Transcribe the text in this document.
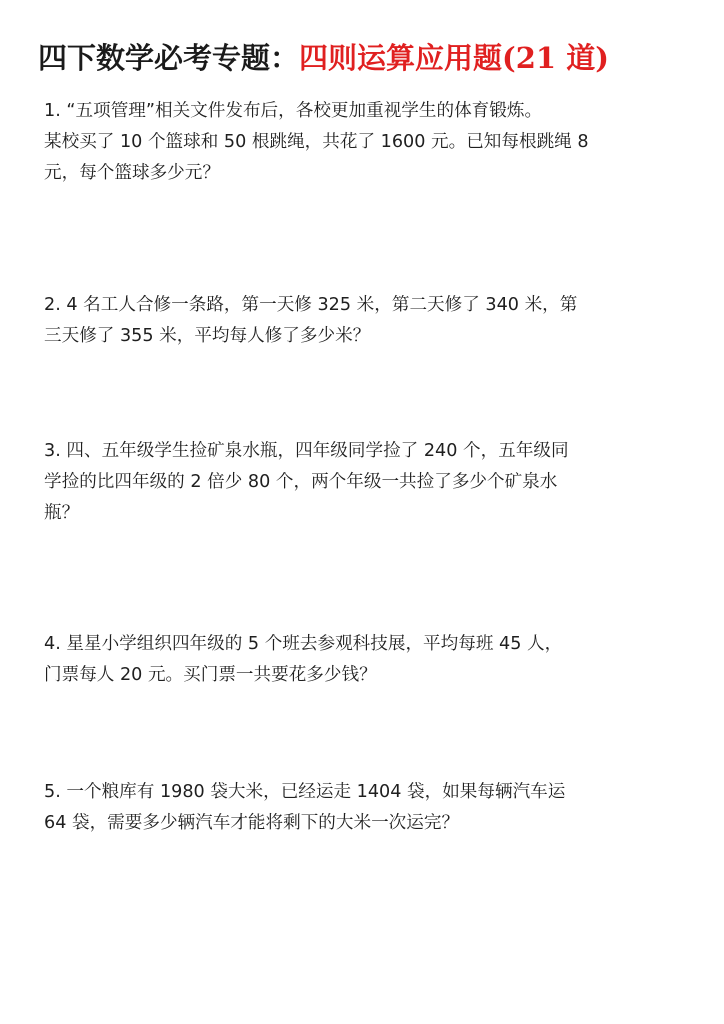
四下数学必考专题：四则运算应用题(21 道)
1. “五项管理”相关文件发布后，各校更加重视学生的体育锻炼。
某校买了 10 个篮球和 50 根跳绳，共花了 1600 元。已知每根跳绳 8
元，每个篮球多少元？
2. 4 名工人合修一条路，第一天修 325 米，第二天修了 340 米，第
三天修了 355 米，平均每人修了多少米？
3. 四、五年级学生捡矿泉水瓶，四年级同学捡了 240 个，五年级同
学捡的比四年级的 2 倍少 80 个，两个年级一共捡了多少个矿泉水
瓶？
4. 星星小学组织四年级的 5 个班去参观科技展，平均每班 45 人，
门票每人 20 元。买门票一共要花多少钱？
5. 一个粮库有 1980 袋大米，已经运走 1404 袋，如果每辆汽车运
64 袋，需要多少辆汽车才能将剩下的大米一次运完？
